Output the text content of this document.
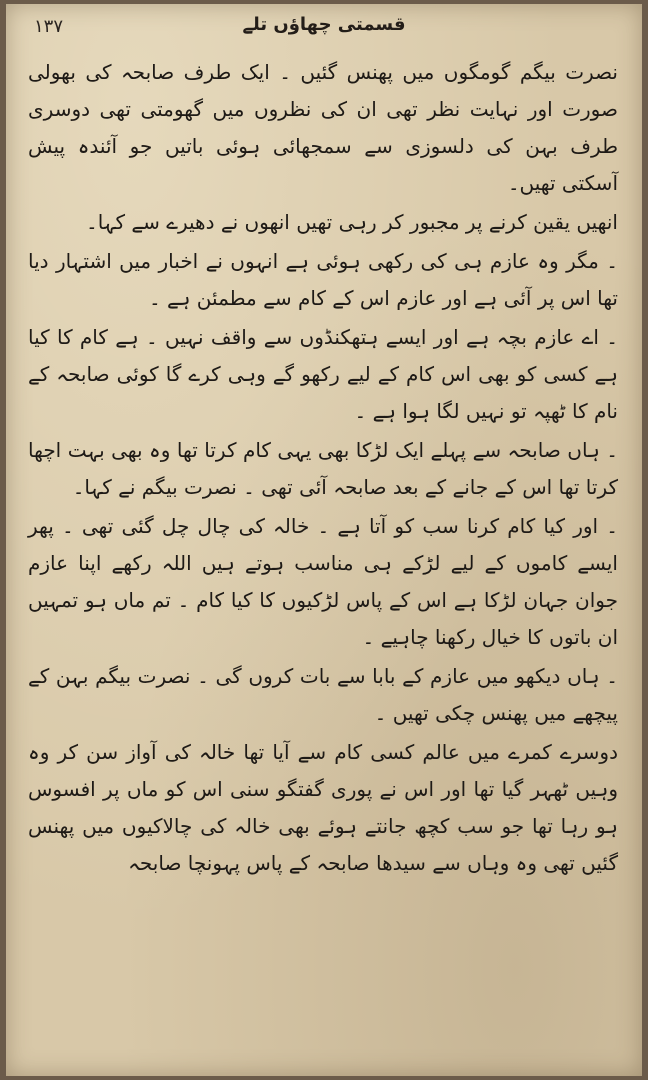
۱۳۷	قسمتی چھاؤں تلے

نصرت بیگم گومگوں میں پھنس گئیں ۔ ایک طرف صابحہ کی بھولی صورت اور نہایت نظر تھی ان کی نظروں میں گھومتی تھی دوسری طرف بہن کی دلسوزی سے سمجھائی ہوئی باتیں جو آئندہ پیش آسکتی تھیں۔

انھیں یقین کرنے پر مجبور کر رہی تھیں انھوں نے دھیرے سے کہا۔

۔ مگر وہ عازم ہی کی رکھی ہوئی ہے انہوں نے اخبار میں اشتہار دیا تھا اس پر آئی ہے اور عازم اس کے کام سے مطمئن ہے ۔

۔ اے عازم بچہ ہے اور ایسے ہتھکنڈوں سے واقف نہیں ۔ ہے کام کا کیا ہے کسی کو بھی اس کام کے لیے رکھو گے وہی کرے گا کوئی صابحہ کے نام کا ٹھپہ تو نہیں لگا ہوا ہے ۔

۔ ہاں صابحہ سے پہلے ایک لڑکا بھی یہی کام کرتا تھا وہ بھی بہت اچھا کرتا تھا اس کے جانے کے بعد صابحہ آئی تھی ۔ نصرت بیگم نے کہا۔

۔ اور کیا کام کرنا سب کو آتا ہے ۔ خالہ کی چال چل گئی تھی ۔ پھر ایسے کاموں کے لیے لڑکے ہی مناسب ہوتے ہیں اللہ رکھے اپنا عازم جوان جہان لڑکا ہے اس کے پاس لڑکیوں کا کیا کام ۔ تم ماں ہو تمہیں ان باتوں کا خیال رکھنا چاہیے ۔

۔ ہاں دیکھو میں عازم کے بابا سے بات کروں گی ۔ نصرت بیگم بہن کے پیچھے میں پھنس چکی تھیں ۔

دوسرے کمرے میں عالم کسی کام سے آیا تھا خالہ کی آواز سن کر وہ وہیں ٹھہر گیا تھا اور اس نے پوری گفتگو سنی اس کو ماں پر افسوس ہو رہا تھا جو سب کچھ جانتے ہوئے بھی خالہ کی چالاکیوں میں پھنس گئیں تھی وہ وہاں سے سیدھا صابحہ کے پاس پہونچا صابحہ
